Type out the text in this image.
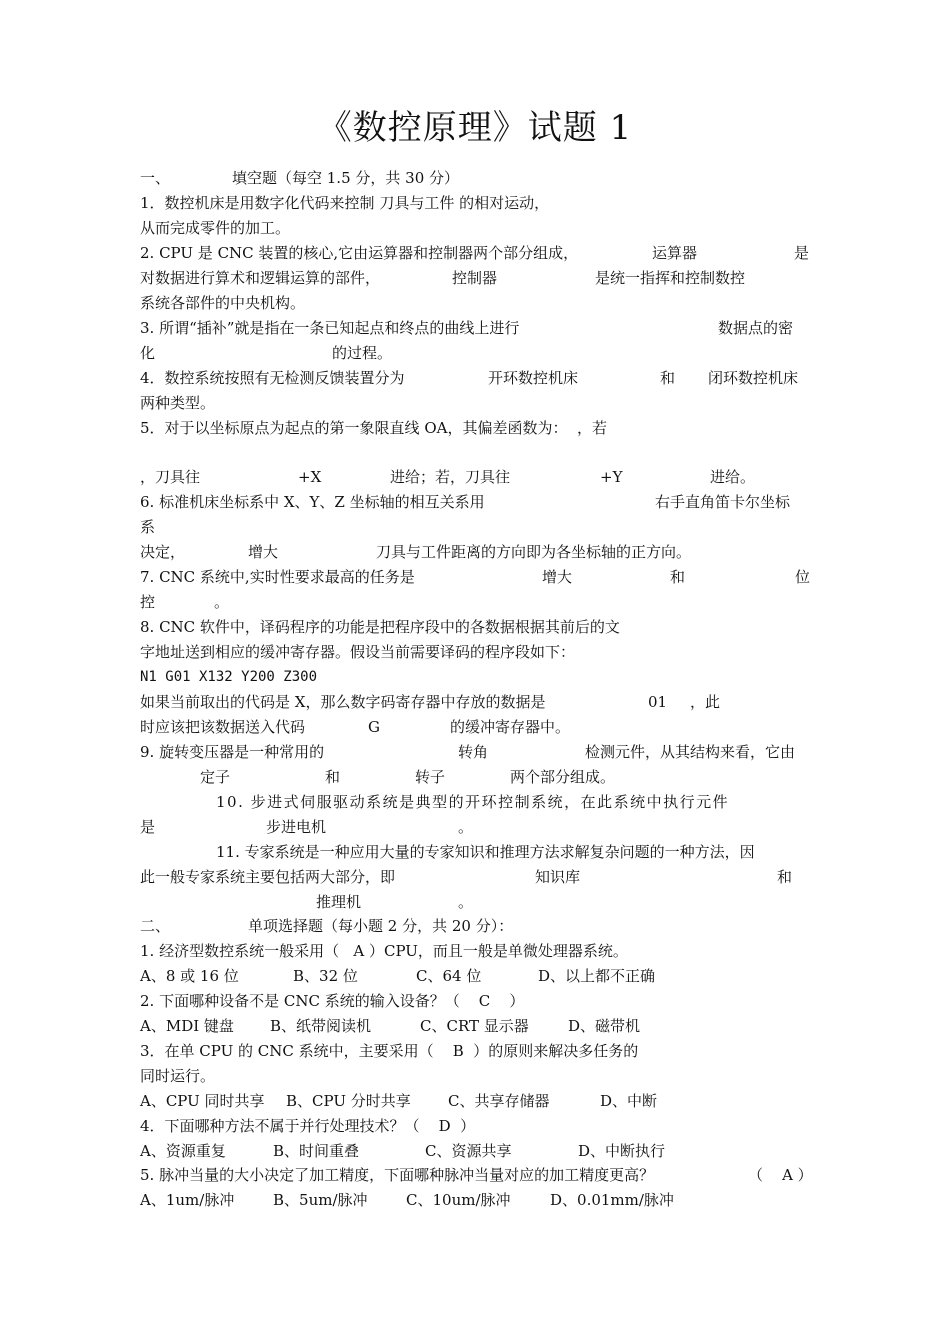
《数控原理》试题 1
一、	填空题（每空 1.5 分，共 30 分）
1．数控机床是用数字化代码来控制 刀具与工件 的相对运动，
从而完成零件的加工。
2. CPU 是 CNC 装置的核心,它由运算器和控制器两个部分组成，	运算器	是
对数据进行算术和逻辑运算的部件，	控制器	是统一指挥和控制数控
系统各部件的中央机构。
3. 所谓“插补”就是指在一条已知起点和终点的曲线上进行	数据点的密
化	的过程。
4．数控系统按照有无检测反馈装置分为	开环数控机床	和 闭环数控机床
两种类型。
5．对于以坐标原点为起点的第一象限直线 OA，其偏差函数为：  ，若
，刀具往	+X	进给；若，刀具往	+Y	进给。
6. 标准机床坐标系中 X、Y、Z 坐标轴的相互关系用	右手直角笛卡尔坐标
系
决定，	增大	刀具与工件距离的方向即为各坐标轴的正方向。
7. CNC 系统中,实时性要求最高的任务是	增大	和	位
控	。
8. CNC 软件中，译码程序的功能是把程序段中的各数据根据其前后的文
字地址送到相应的缓冲寄存器。假设当前需要译码的程序段如下：
N1 G01 X132 Y200 Z300
如果当前取出的代码是 X，那么数字码寄存器中存放的数据是	01 ，此
时应该把该数据送入代码	G	的缓冲寄存器中。
9. 旋转变压器是一种常用的	转角	检测元件，从其结构来看，它由
定子	和	转子	两个部分组成。
10. 步进式伺服驱动系统是典型的开环控制系统，在此系统中执行元件
是	步进电机	。
11. 专家系统是一种应用大量的专家知识和推理方法求解复杂问题的一种方法，因
此一般专家系统主要包括两大部分，即	知识库	和
推理机	。
二、	单项选择题（每小题 2 分，共 20 分）：
1. 经济型数控系统一般采用（   A ）CPU，而且一般是单微处理器系统。
A、8 或 16 位	B、32 位	C、64 位	D、以上都不正确
2. 下面哪种设备不是 CNC 系统的输入设备？（    C    ）
A、MDI 键盘 B、纸带阅读机	C、CRT 显示器	D、磁带机
3．在单 CPU 的 CNC 系统中，主要采用（    B  ）的原则来解决多任务的
同时运行。
A、CPU 同时共享 B、CPU 分时共享 C、共享存储器	D、中断
4．下面哪种方法不属于并行处理技术？（    D  ）
A、资源重复	B、时间重叠	C、资源共享	D、中断执行
5. 脉冲当量的大小决定了加工精度，下面哪种脉冲当量对应的加工精度更高？	（    A ）
A、1um/脉冲	B、5um/脉冲	C、10um/脉冲	D、0.01mm/脉冲
